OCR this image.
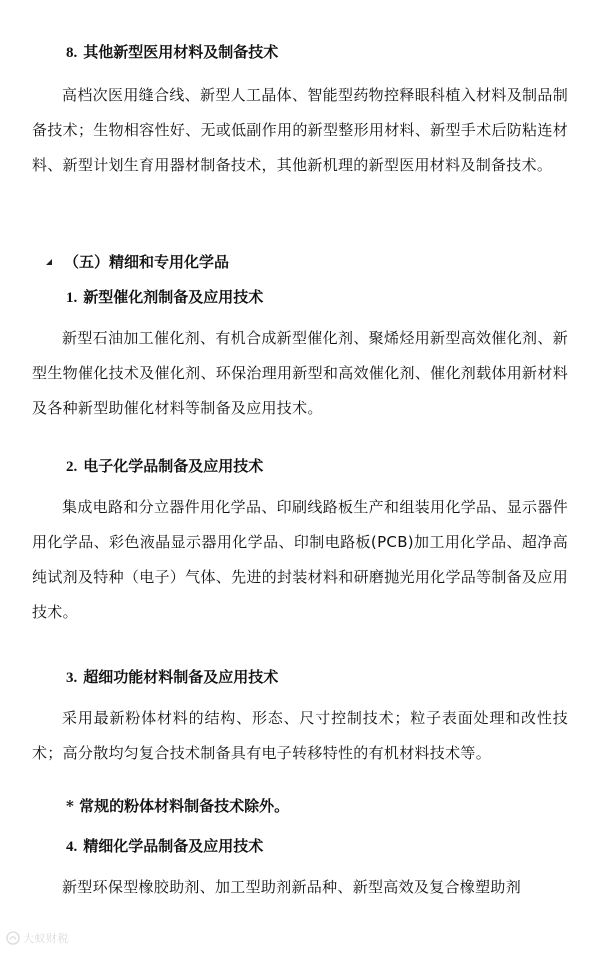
8. 其他新型医用材料及制备技术
高档次医用缝合线、新型人工晶体、智能型药物控释眼科植入材料及制品制备技术；生物相容性好、无或低副作用的新型整形用材料、新型手术后防粘连材料、新型计划生育用器材制备技术，其他新机理的新型医用材料及制备技术。
（五）精细和专用化学品
1. 新型催化剂制备及应用技术
新型石油加工催化剂、有机合成新型催化剂、聚烯烃用新型高效催化剂、新型生物催化技术及催化剂、环保治理用新型和高效催化剂、催化剂载体用新材料及各种新型助催化材料等制备及应用技术。
2. 电子化学品制备及应用技术
集成电路和分立器件用化学品、印刷线路板生产和组装用化学品、显示器件用化学品、彩色液晶显示器用化学品、印制电路板(PCB)加工用化学品、超净高纯试剂及特种（电子）气体、先进的封装材料和研磨抛光用化学品等制备及应用技术。
3. 超细功能材料制备及应用技术
采用最新粉体材料的结构、形态、尺寸控制技术；粒子表面处理和改性技术；高分散均匀复合技术制备具有电子转移特性的有机材料技术等。
* 常规的粉体材料制备技术除外。
4. 精细化学品制备及应用技术
新型环保型橡胶助剂、加工型助剂新品种、新型高效及复合橡塑助剂
大蚁财税
